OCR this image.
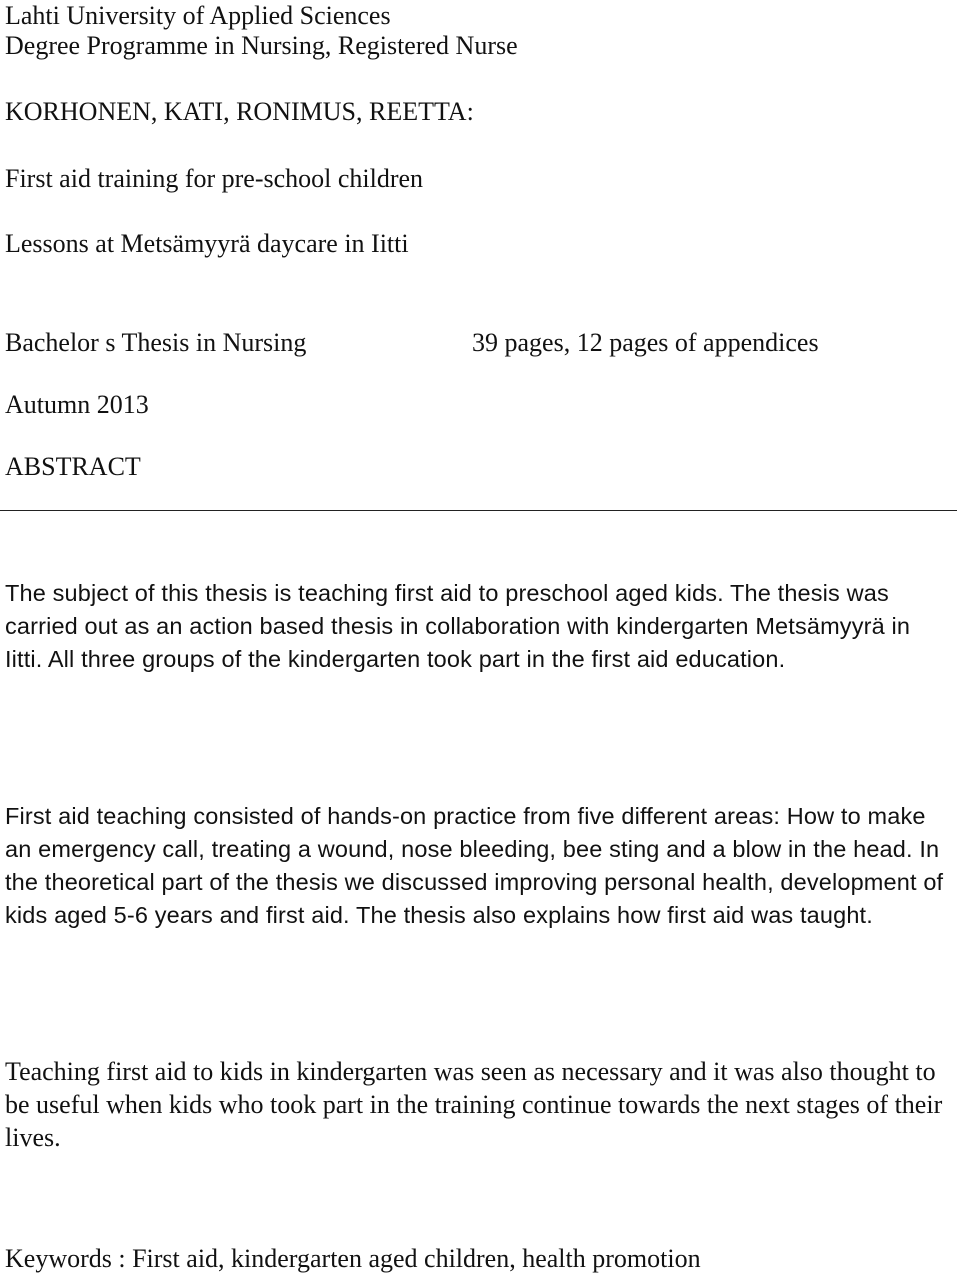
Lahti University of Applied Sciences
Degree Programme in Nursing, Registered Nurse
KORHONEN, KATI, RONIMUS, REETTA:
First aid training for pre-school children
Lessons at Metsämyyrä daycare in Iitti
Bachelor s Thesis in Nursing	39 pages, 12 pages of appendices
Autumn 2013
ABSTRACT

The subject of this thesis is teaching first aid to preschool aged kids. The thesis was carried out as an action based thesis in collaboration with kindergarten Metsämyyrä in Iitti. All three groups of the kindergarten took part in the first aid education.

First aid teaching consisted of hands-on practice from five different areas: How to make an emergency call, treating a wound, nose bleeding, bee sting and a blow in the head. In the theoretical part of the thesis we discussed improving personal health, development of kids aged 5-6 years and first aid. The thesis also explains how first aid was taught.

Teaching first aid to kids in kindergarten was seen as necessary and it was also thought to be useful when kids who took part in the training continue towards the next stages of their lives.

Keywords : First aid, kindergarten aged children, health promotion
